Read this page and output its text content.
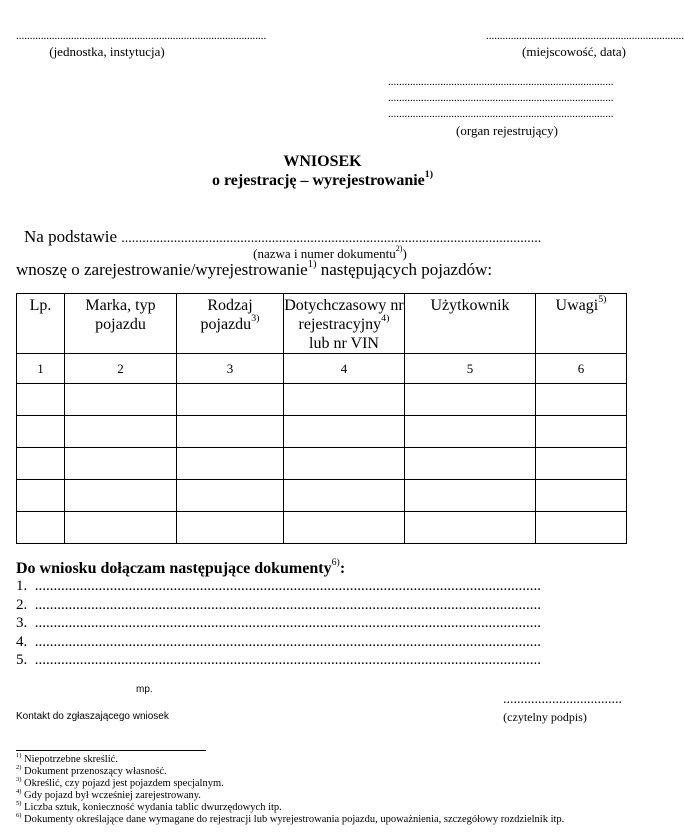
...........................................................................................
(jednostka, instytucja)
........................................................................
(miejscowość, data)
..................................................................................
..................................................................................
..................................................................................
(organ rejestrujący)
WNIOSEK
o rejestrację – wyrejestrowanie$^{1)}$
Na podstawie ........................................................................................................................
(nazwa i numer dokumentu$^{2)}$)
wnoszę o zarejestrowanie/wyrejestrowanie$^{1)}$ następujących pojazdów:
Lp.	Marka, typ pojazdu	Rodzaj pojazdu$^{3)}$	Dotychczasowy nr rejestracyjny$^{4)}$
lub nr VIN	Użytkownik	Uwagi$^{5)}$
1	2	3	4	5	6

Do wniosku dołączam następujące dokumenty$^{6)}$:
1. .......................................................................................................................................
2. .......................................................................................................................................
3. .......................................................................................................................................
4. .......................................................................................................................................
5. .......................................................................................................................................
mp.
..................................
Kontakt do zgłaszającego wniosek	(czytelny podpis)
$^{1)}$ Niepotrzebne skreślić.
$^{2)}$ Dokument przenoszący własność.
$^{3)}$ Określić, czy pojazd jest pojazdem specjalnym.
$^{4)}$ Gdy pojazd był wcześniej zarejestrowany.
$^{5)}$ Liczba sztuk, konieczność wydania tablic dwurzędowych itp.
$^{6)}$ Dokumenty określające dane wymagane do rejestracji lub wyrejestrowania pojazdu, upoważnienia, szczegółowy rozdzielnik itp.
